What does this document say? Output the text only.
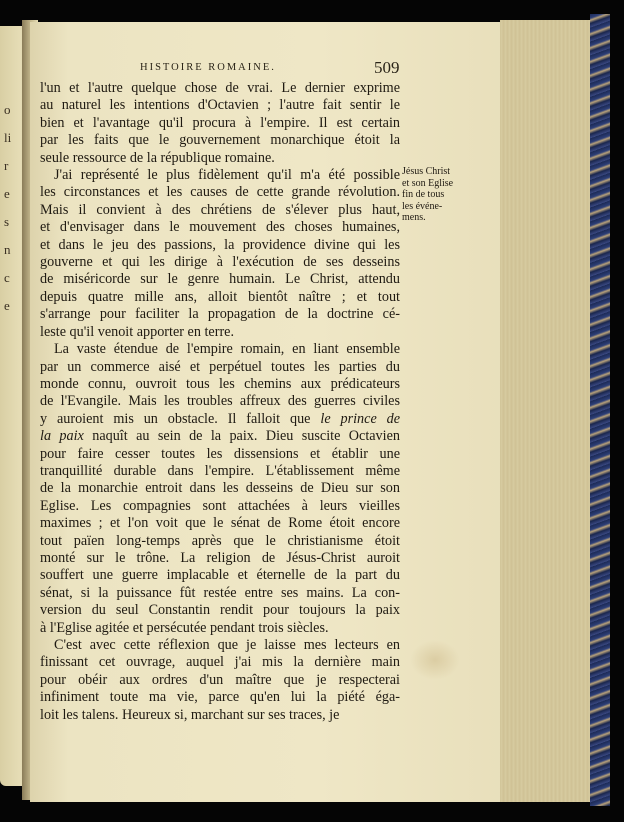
o
li
r
e
s
n
c
e
HISTOIRE ROMAINE.	509

l'un et l'autre quelque chose de vrai. Le dernier exprime
au naturel les intentions d'Octavien ; l'autre fait sentir le
bien et l'avantage qu'il procura à l'empire. Il est certain
par les faits que le gouvernement monarchique étoit la
seule ressource de la république romaine.

J'ai représenté le plus fidèlement qu'il m'a été possible
les circonstances et les causes de cette grande révolution.
Mais il convient à des chrétiens de s'élever plus haut,
et d'envisager dans le mouvement des choses humaines,
et dans le jeu des passions, la providence divine qui les
gouverne et qui les dirige à l'exécution de ses desseins
de miséricorde sur le genre humain. Le Christ, attendu
depuis quatre mille ans, alloit bientôt naître ; et tout
s'arrange pour faciliter la propagation de la doctrine cé-
leste qu'il venoit apporter en terre.

La vaste étendue de l'empire romain, en liant ensemble
par un commerce aisé et perpétuel toutes les parties du
monde connu, ouvroit tous les chemins aux prédicateurs
de l'Evangile. Mais les troubles affreux des guerres civiles
y auroient mis un obstacle. Il falloit que le prince de
la paix naquît au sein de la paix. Dieu suscite Octavien
pour faire cesser toutes les dissensions et établir une
tranquillité durable dans l'empire. L'établissement même
de la monarchie entroit dans les desseins de Dieu sur son
Eglise. Les compagnies sont attachées à leurs vieilles
maximes ; et l'on voit que le sénat de Rome étoit encore
tout païen long-temps après que le christianisme étoit
monté sur le trône. La religion de Jésus-Christ auroit
souffert une guerre implacable et éternelle de la part du
sénat, si la puissance fût restée entre ses mains. La con-
version du seul Constantin rendit pour toujours la paix
à l'Eglise agitée et persécutée pendant trois siècles.

C'est avec cette réflexion que je laisse mes lecteurs en
finissant cet ouvrage, auquel j'ai mis la dernière main
pour obéir aux ordres d'un maître que je respecterai
infiniment toute ma vie, parce qu'en lui la piété éga-
loit les talens. Heureux si, marchant sur ses traces, je

Jésus Christ
et son Eglise
fin de tous
les événe-
mens.
